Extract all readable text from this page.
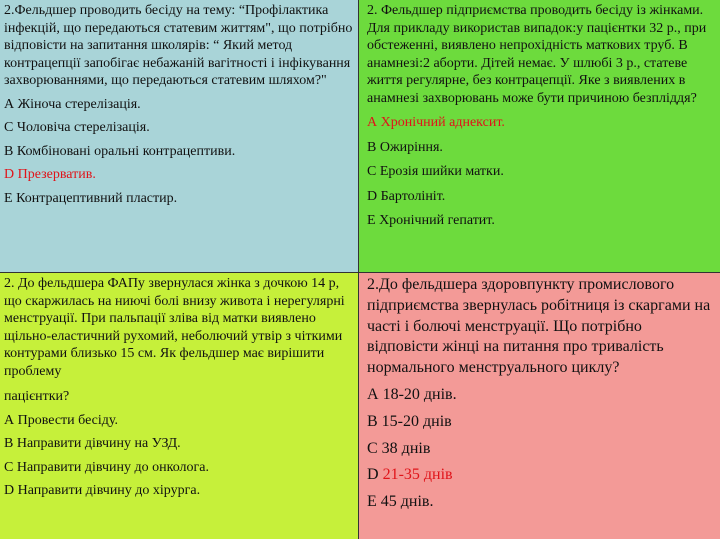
2.Фельдшер проводить бесіду на тему: “Профілактика інфекцій, що передаються статевим життям", що потрібно відповісти на запитання школярів: “ Який метод контрацепції запобігає небажаній вагітності і інфікування захворюваннями, що передаються статевим шляхом?"

А Жіноча стерелізація.
С Чоловіча стерелізація.
В Комбіновані оральні контрацептиви.
D Презерватив.
Е Контрацептивний пластир.

2. Фельдшер підприємства проводить бесіду із жінками. Для прикладу використав випадок:у пацієнтки 32 р., при обстеженні, виявлено непрохідність маткових труб. В анамнезі:2 аборти. Дітей немає. У шлюбі 3 р., статеве життя регулярне, без контрацепції. Яке з виявлених в анамнезі захворювань може бути причиною безпліддя?

А Хронічний аднексит.
В Ожиріння.
С Ерозія шийки матки.
D Бартолініт.
Е Хронічний гепатит.

2. До фельдшера ФАПу звернулася жінка з дочкою 14 р, що скаржилась на ниючі болі внизу живота і нерегулярні менструації. При пальпації зліва від матки виявлено щільно-еластичний рухомий, неболючий утвір з чіткими контурами близько 15 см. Як фельдшер має вирішити проблему

пацієнтки?

А Провести бесіду.
В Направити дівчину на УЗД.
С Направити дівчину до онколога.
D Направити дівчину до хірурга.

2.До фельдшера здоровпункту промислового підприємства звернулась робітниця із скаргами на часті і болючі менструації. Що потрібно відповісти жінці на питання про тривалість нормального менструального циклу?

А 18-20 днів.
В 15-20 днів
С 38 днів
D 21-35 днів
Е 45 днів.
